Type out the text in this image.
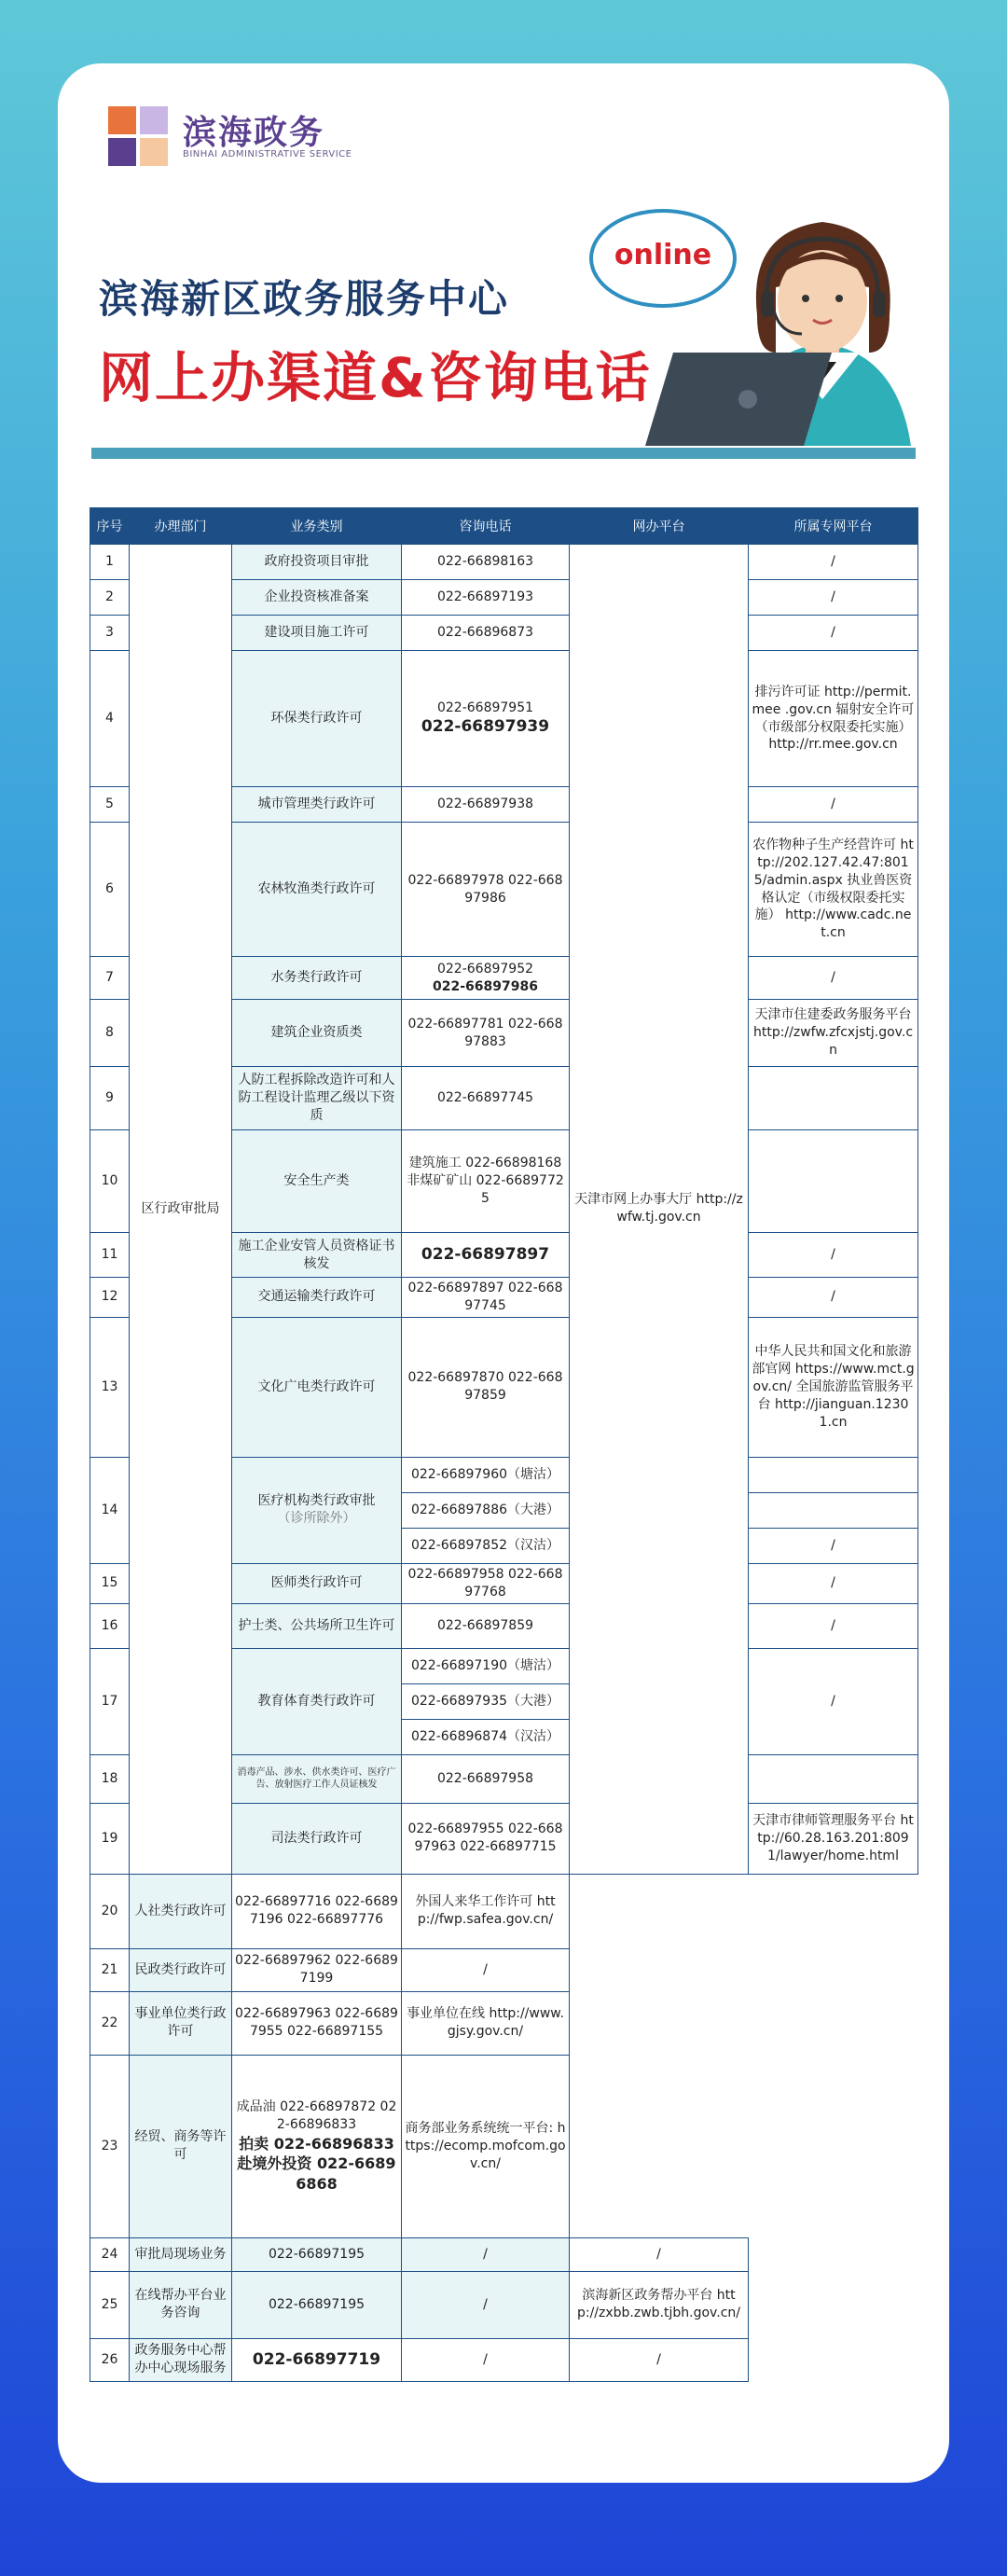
滨海政务
BINHAI ADMINISTRATIVE SERVICE
滨海新区政务服务中心
网上办渠道&咨询电话
online
序号	办理部门	业务类别	咨询电话	网办平台	所属专网平台
1	区行政审批局	政府投资项目审批	022-66898163	天津市网上办事大厅 http://zwfw.tj.gov.cn	/
2		企业投资核准备案	022-66897193		/
3		建设项目施工许可	022-66896873		/
4		环保类行政许可	022-66897951
022-66897939		排污许可证 http://permit.mee .gov.cn 辐射安全许可（市级部分权限委托实施） http://rr.mee.gov.cn
5		城市管理类行政许可	022-66897938		/
6		农林牧渔类行政许可	022-66897978 022-66897986		农作物种子生产经营许可 http://202.127.42.47:8015/admin.aspx 执业兽医资格认定（市级权限委托实施） http://www.cadc.net.cn
7		水务类行政许可	022-66897952
022-66897986		/
8		建筑企业资质类	022-66897781 022-66897883		天津市住建委政务服务平台 http://zwfw.zfcxjstj.gov.cn
9		人防工程拆除改造许可和人防工程设计监理乙级以下资质	022-66897745		
10		安全生产类	建筑施工 022-66898168 非煤矿矿山 022-66897725		
11		施工企业安管人员资格证书核发	022-66897897		/
12		交通运输类行政许可	022-66897897 022-66897745		/
13		文化广电类行政许可	022-66897870 022-66897859		中华人民共和国文化和旅游部官网 https://www.mct.gov.cn/ 全国旅游监管服务平台 http://jianguan.12301.cn
14		医疗机构类行政审批
（诊所除外）	022-66897960（塘沽）		
			022-66897886（大港）		
			022-66897852（汉沽）		/
15		医师类行政许可	022-66897958 022-66897768		/
16		护士类、公共场所卫生许可	022-66897859		/
17		教育体育类行政许可	022-66897190（塘沽）		/
			022-66897935（大港）		
			022-66896874（汉沽）		
18		消毒产品、涉水、供水类许可、医疗广告、放射医疗工作人员证核发	022-66897958		
19		司法类行政许可	022-66897955 022-66897963 022-66897715		天津市律师管理服务平台 http://60.28.163.201:8091/lawyer/home.html
20	人社类行政许可	022-66897716 022-66897196 022-66897776	外国人来华工作许可 http://fwp.safea.gov.cn/		
21	民政类行政许可	022-66897962 022-66897199	/		
22	事业单位类行政许可	022-66897963 022-66897955 022-66897155	事业单位在线 http://www.gjsy.gov.cn/		
23	经贸、商务等许可	成品油 022-66897872 022-66896833
拍卖 022-66896833 赴境外投资 022-66896868	商务部业务系统统一平台: https://ecomp.mofcom.gov.cn/		
24	审批局现场业务	022-66897195	/	/	
25	在线帮办平台业务咨询	022-66897195	/	滨海新区政务帮办平台 http://zxbb.zwb.tjbh.gov.cn/	
26	政务服务中心帮办中心现场服务	022-66897719	/	/	
